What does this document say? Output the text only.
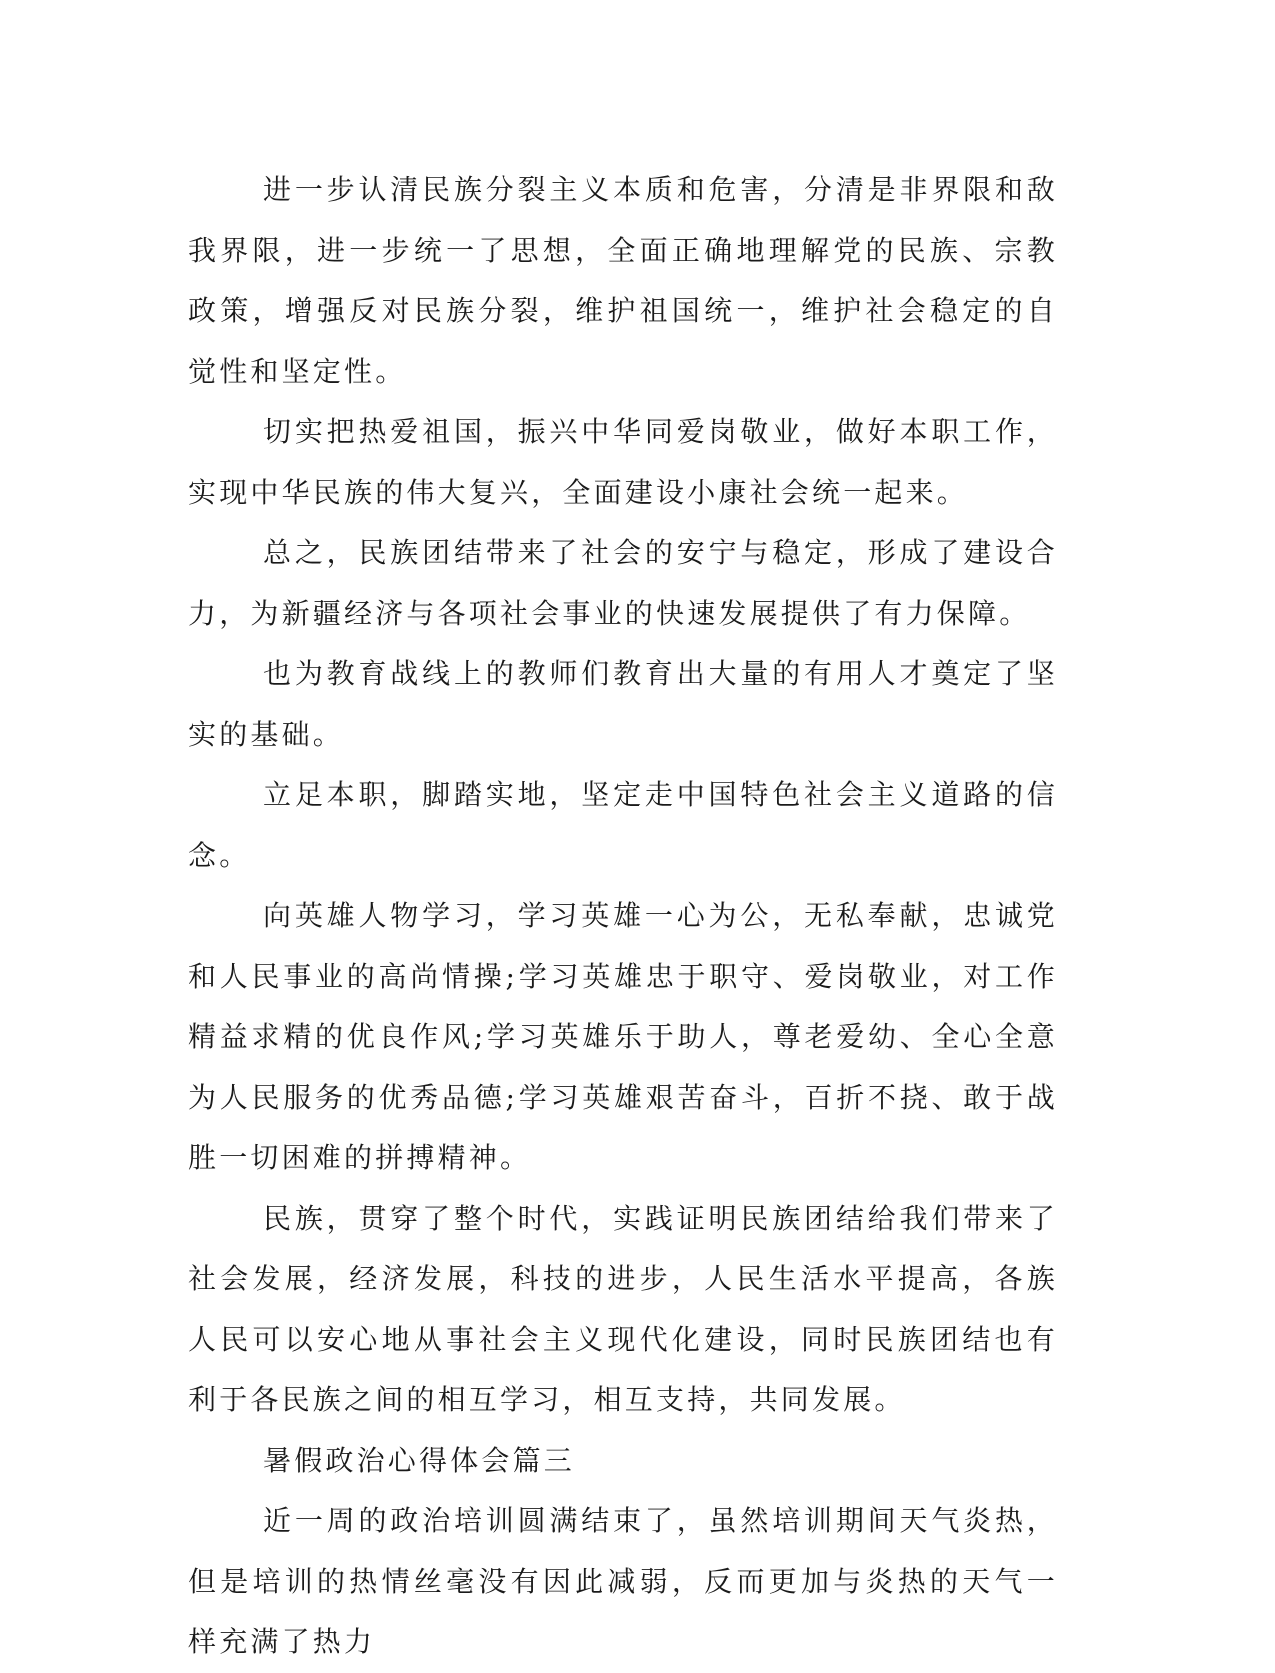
进一步认清民族分裂主义本质和危害，分清是非界限和敌我界限，进一步统一了思想，全面正确地理解党的民族、宗教政策，增强反对民族分裂，维护祖国统一，维护社会稳定的自觉性和坚定性。

切实把热爱祖国，振兴中华同爱岗敬业，做好本职工作，实现中华民族的伟大复兴，全面建设小康社会统一起来。

总之，民族团结带来了社会的安宁与稳定，形成了建设合力，为新疆经济与各项社会事业的快速发展提供了有力保障。

也为教育战线上的教师们教育出大量的有用人才奠定了坚实的基础。

立足本职，脚踏实地，坚定走中国特色社会主义道路的信念。

向英雄人物学习，学习英雄一心为公，无私奉献，忠诚党和人民事业的高尚情操;学习英雄忠于职守、爱岗敬业，对工作精益求精的优良作风;学习英雄乐于助人，尊老爱幼、全心全意为人民服务的优秀品德;学习英雄艰苦奋斗，百折不挠、敢于战胜一切困难的拼搏精神。

民族，贯穿了整个时代，实践证明民族团结给我们带来了社会发展，经济发展，科技的进步，人民生活水平提高，各族人民可以安心地从事社会主义现代化建设，同时民族团结也有利于各民族之间的相互学习，相互支持，共同发展。

暑假政治心得体会篇三

近一周的政治培训圆满结束了，虽然培训期间天气炎热，但是培训的热情丝毫没有因此减弱，反而更加与炎热的天气一样充满了热力
